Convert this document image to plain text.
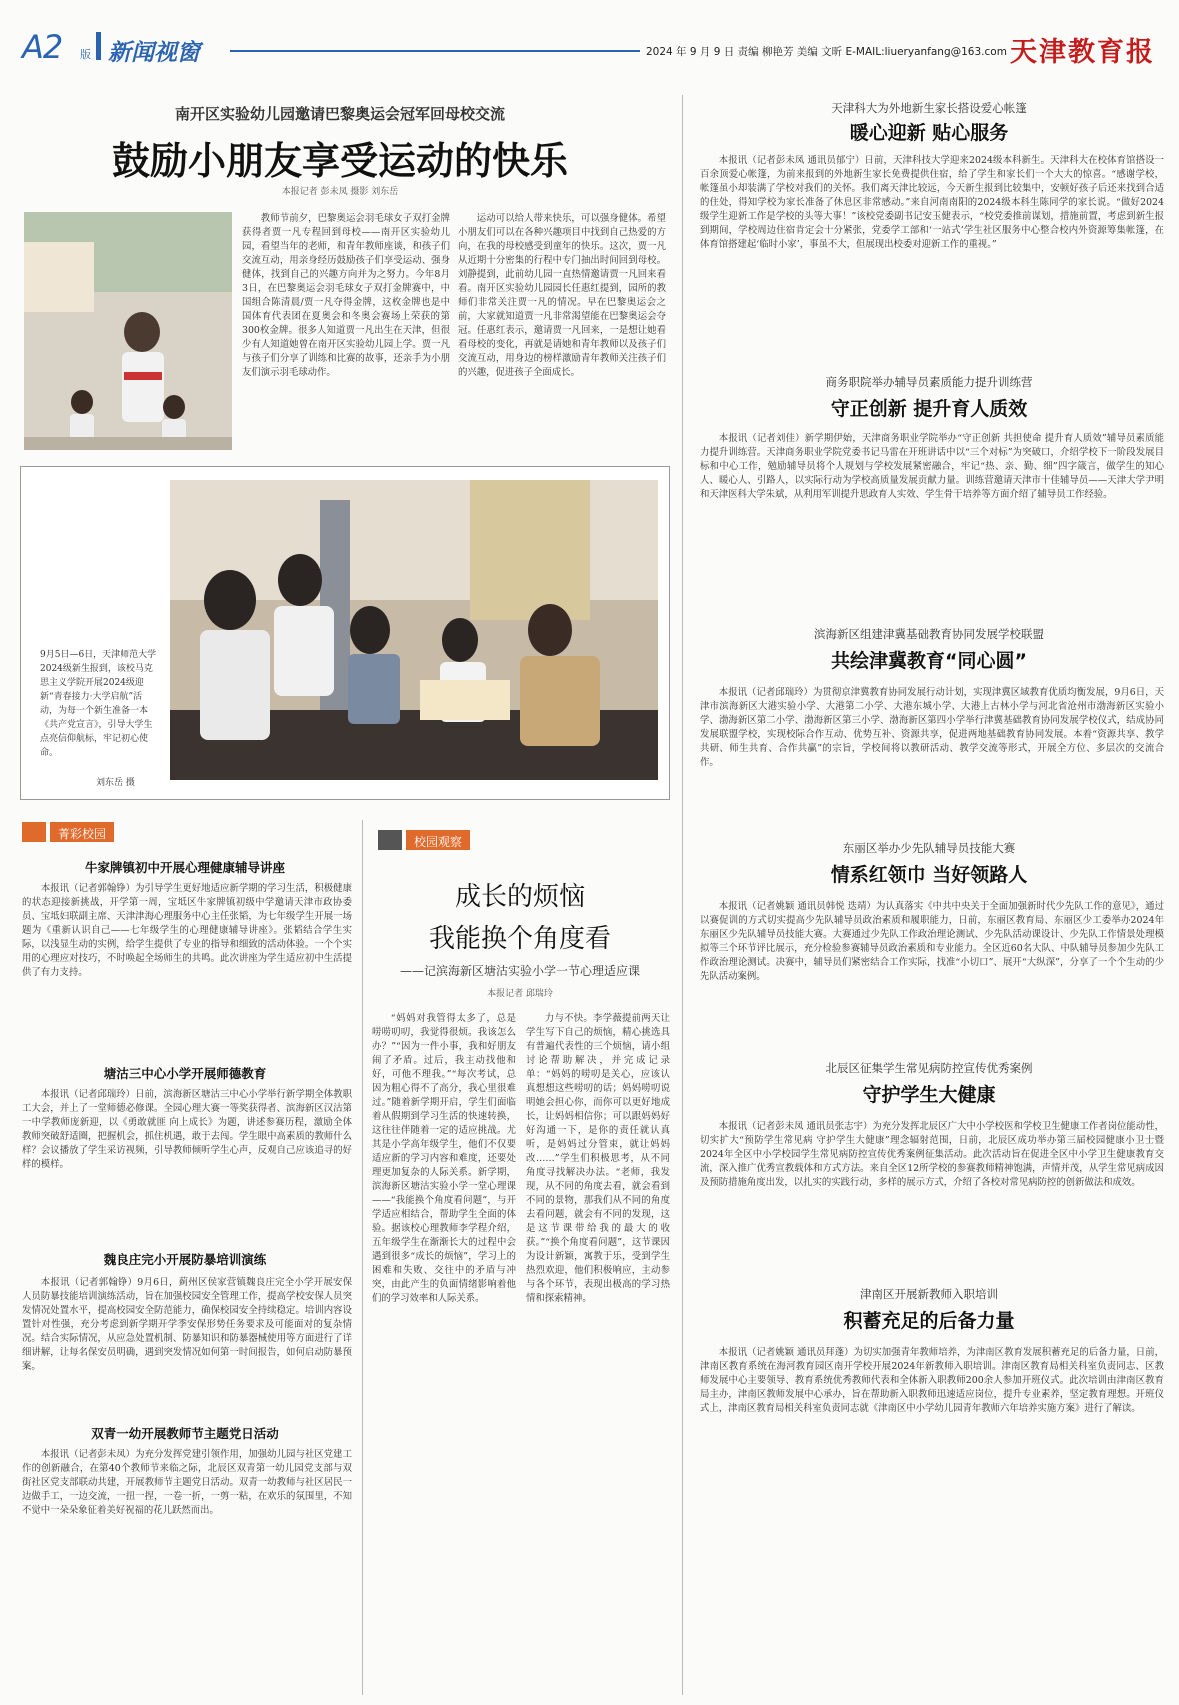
A2 版 新闻视窗	2024 年 9 月 9 日 责编 柳艳芳 美编 文昕 E-MAIL:liueryanfang@163.com 天津教育报
南开区实验幼儿园邀请巴黎奥运会冠军回母校交流
鼓励小朋友享受运动的快乐
本报记者 彭未凤 摄影 刘东岳

教师节前夕，巴黎奥运会羽毛球女子双打金牌获得者贾一凡专程回到母校——南开区实验幼儿园，看望当年的老师，和青年教师座谈，和孩子们交流互动，用亲身经历鼓励孩子们享受运动、强身健体，找到自己的兴趣方向并为之努力。今年8月3日，在巴黎奥运会羽毛球女子双打金牌赛中，中国组合陈清晨/贾一凡夺得金牌，这枚金牌也是中国体育代表团在夏奥会和冬奥会赛场上荣获的第300枚金牌。很多人知道贾一凡出生在天津，但很少有人知道她曾在南开区实验幼儿园上学。贾一凡与孩子们分享了训练和比赛的故事，还亲手为小朋友们演示羽毛球动作。

运动可以给人带来快乐，可以强身健体。希望小朋友们可以在各种兴趣项目中找到自己热爱的方向，在我的母校感受到童年的快乐。这次，贾一凡从近期十分密集的行程中专门抽出时间回到母校。刘静提到，此前幼儿园一直热情邀请贾一凡回来看看。南开区实验幼儿园园长任惠红提到，园所的教师们非常关注贾一凡的情况。早在巴黎奥运会之前，大家就知道贾一凡非常渴望能在巴黎奥运会夺冠。任惠红表示，邀请贾一凡回来，一是想让她看看母校的变化，再就是请她和青年教师以及孩子们交流互动，用身边的榜样激励青年教师关注孩子们的兴趣，促进孩子全面成长。

9月5日—6日，天津师范大学2024级新生报到，该校马克思主义学院开展2024级迎新“青春接力·大学启航”活动，为每一个新生准备一本《共产党宣言》，引导大学生点亮信仰航标，牢记初心使命。

刘东岳 摄
菁彩校园
校园观察
牛家牌镇初中开展心理健康辅导讲座

本报讯（记者郭翰铮）为引导学生更好地适应新学期的学习生活，积极健康的状态迎接新挑战，开学第一周，宝坻区牛家牌镇初级中学邀请天津市政协委员、宝坻妇联副主席、天津津海心理服务中心主任张韬，为七年级学生开展一场题为《重新认识自己——七年级学生的心理健康辅导讲座》。张韬结合学生实际，以浅显生动的实例，给学生提供了专业的指导和细致的活动体验。一个个实用的心理应对技巧，不时唤起全场师生的共鸣。此次讲座为学生适应初中生活提供了有力支持。

塘沽三中心小学开展师德教育

本报讯（记者邱瑞玲）日前，滨海新区塘沽三中心小学举行新学期全体教职工大会，并上了一堂师德必修课。全园心理大赛一等奖获得者、滨海新区汉沽第一中学教师庞新迎，以《勇敢就匪 向上成长》为题，讲述参赛历程，激励全体教师突破舒适圈，把握机会，抓住机遇，敢于去闯。学生眼中高素质的教师什么样？会议播放了学生采访视频，引导教师倾听学生心声，反观自己应该追寻的好样的模样。

魏良庄完小开展防暴培训演练

本报讯（记者郭翰铮）9月6日，蓟州区侯家营镇魏良庄完全小学开展安保人员防暴技能培训演练活动，旨在加强校园安全管理工作，提高学校安保人员突发情况处置水平，提高校园安全防范能力，确保校园安全持续稳定。培训内容设置针对性强，充分考虑到新学期开学季安保形势任务要求及可能面对的复杂情况。结合实际情况，从应急处置机制、防暴知识和防暴器械使用等方面进行了详细讲解，让每名保安员明确，遇到突发情况如何第一时间报告，如何启动防暴预案。

双青一幼开展教师节主题党日活动

本报讯（记者彭未凤）为充分发挥党建引领作用，加强幼儿园与社区党建工作的创新融合，在第40个教师节来临之际，北辰区双青第一幼儿园党支部与双街社区党支部联动共建，开展教师节主题党日活动。双青一幼教师与社区居民一边做手工，一边交流，一扭一捏，一卷一折，一剪一粘，在欢乐的氛围里，不知不觉中一朵朵象征着美好祝福的花儿跃然而出。

成长的烦恼
我能换个角度看
——记滨海新区塘沽实验小学一节心理适应课
本报记者 邱瑞玲

“妈妈对我管得太多了，总是唠唠叨叨，我觉得很烦。我该怎么办？”“因为一件小事，我和好朋友闹了矛盾。过后，我主动找他和好，可他不理我。”“每次考试，总因为粗心得不了高分，我心里很难过。”随着新学期开启，学生们面临着从假期到学习生活的快速转换，这往往伴随着一定的适应挑战。尤其是小学高年级学生，他们不仅要适应新的学习内容和难度，还要处理更加复杂的人际关系。新学期，滨海新区塘沽实验小学一堂心理课——“我能换个角度看问题”，与开学适应相结合，帮助学生全面的体验。据该校心理教师李学程介绍，五年级学生在渐渐长大的过程中会遇到很多“成长的烦恼”，学习上的困难和失败、交往中的矛盾与冲突，由此产生的负面情绪影响着他们的学习效率和人际关系。

力与不快。李学薇提前两天让学生写下自己的烦恼，精心挑选具有普遍代表性的三个烦恼，请小组讨论帮助解决，并完成记录单：“妈妈的唠叨是关心，应该认真想想这些唠叨的话；妈妈唠叨说明她会担心你，而你可以更好地成长，让妈妈相信你；可以跟妈妈好好沟通一下，是你的责任就认真听，是妈妈过分管束，就让妈妈改……”学生们积极思考，从不同角度寻找解决办法。“老师，我发现，从不同的角度去看，就会看到不同的景物，那我们从不同的角度去看问题，就会有不同的发现，这是这节课带给我的最大的收获。”“换个角度看问题”，这节课因为设计新颖，寓教于乐，受到学生热烈欢迎，他们积极响应，主动参与各个环节，表现出极高的学习热情和探索精神。

天津科大为外地新生家长搭设爱心帐篷
暖心迎新 贴心服务

本报讯（记者彭未凤 通讯员郁宁）日前，天津科技大学迎来2024级本科新生。天津科大在校体育馆搭设一百余顶爱心帐篷，为前来报到的外地新生家长免费提供住宿，给了学生和家长们一个大大的惊喜。“感谢学校，帐篷虽小却装满了学校对我们的关怀。我们离天津比较远，今天新生报到比较集中，安顿好孩子后还来找到合适的住处，得知学校为家长准备了休息区非常感动。”来自河南南阳的2024级本科生陈同学的家长说。“做好2024级学生迎新工作是学校的头等大事！”该校党委副书记安玉健表示，“校党委推前谋划，措施前置，考虑到新生报到期间，学校周边住宿肯定会十分紧张，党委学工部和‘一站式’学生社区服务中心整合校内外资源筹集帐篷，在体育馆搭建起‘临时小家’，事虽不大，但展现出校委对迎新工作的重视。”

商务职院举办辅导员素质能力提升训练营
守正创新 提升育人质效

本报讯（记者刘佳）新学期伊始，天津商务职业学院举办“守正创新 共担使命 提升育人质效”辅导员素质能力提升训练营。天津商务职业学院党委书记马雷在开班讲话中以“三个对标”为突破口，介绍学校下一阶段发展目标和中心工作，勉励辅导员将个人规划与学校发展紧密融合，牢记“热、亲、勤、细”四字箴言，做学生的知心人、暖心人、引路人，以实际行动为学校高质量发展贡献力量。训练营邀请天津市十佳辅导员——天津大学尹明和天津医科大学朱斌，从利用军训提升思政育人实效、学生骨干培养等方面介绍了辅导员工作经验。

滨海新区组建津冀基础教育协同发展学校联盟
共绘津冀教育“同心圆”

本报讯（记者邱瑞玲）为贯彻京津冀教育协同发展行动计划，实现津冀区域教育优质均衡发展，9月6日，天津市滨海新区大港实验小学、大港第二小学、大港东城小学、大港上古林小学与河北省沧州市渤海新区实验小学、渤海新区第二小学、渤海新区第三小学、渤海新区第四小学举行津冀基础教育协同发展学校仪式，结成协同发展联盟学校，实现校际合作互动、优势互补、资源共享，促进两地基础教育协同发展。本着“资源共享、教学共研、师生共育、合作共赢”的宗旨，学校间将以教研活动、教学交流等形式，开展全方位、多层次的交流合作。

东丽区举办少先队辅导员技能大赛
情系红领巾 当好领路人

本报讯（记者姚颖 通讯员韩悦 迭靖）为认真落实《中共中央关于全面加强新时代少先队工作的意见》，通过以赛促训的方式切实提高少先队辅导员政治素质和履职能力，日前，东丽区教育局、东丽区少工委举办2024年东丽区少先队辅导员技能大赛。大赛通过少先队工作政治理论测试、少先队活动课设计、少先队工作情景处理模拟等三个环节评比展示，充分检验参赛辅导员政治素质和专业能力。全区近60名大队、中队辅导员参加少先队工作政治理论测试。决赛中，辅导员们紧密结合工作实际，找准“小切口”、展开“大纵深”，分享了一个个生动的少先队活动案例。

北辰区征集学生常见病防控宣传优秀案例
守护学生大健康

本报讯（记者彭未凤 通讯员张志宇）为充分发挥北辰区广大中小学校医和学校卫生健康工作者岗位能动性，切实扩大“预防学生常见病 守护学生大健康”理念辐射范围，日前，北辰区成功举办第三届校园健康小卫士暨2024年全区中小学校园学生常见病防控宣传优秀案例征集活动。此次活动旨在促进全区中小学卫生健康教育交流，深入推广优秀宣教载体和方式方法。来自全区12所学校的参赛教师精神饱满，声情并茂，从学生常见病成因及预防措施角度出发，以扎实的实践行动，多样的展示方式，介绍了各校对常见病防控的创新做法和成效。

津南区开展新教师入职培训
积蓄充足的后备力量

本报讯（记者姚颖 通讯员拜蓬）为切实加强青年教师培养，为津南区教育发展积蓄充足的后备力量，日前，津南区教育系统在海河教育园区南开学校开展2024年新教师入职培训。津南区教育局相关科室负责同志、区教师发展中心主要领导、教育系统优秀教师代表和全体新入职教师200余人参加开班仪式。此次培训由津南区教育局主办，津南区教师发展中心承办，旨在帮助新入职教师迅速适应岗位，提升专业素养，坚定教育理想。开班仪式上，津南区教育局相关科室负责同志就《津南区中小学幼儿园青年教师六年培养实施方案》进行了解读。
